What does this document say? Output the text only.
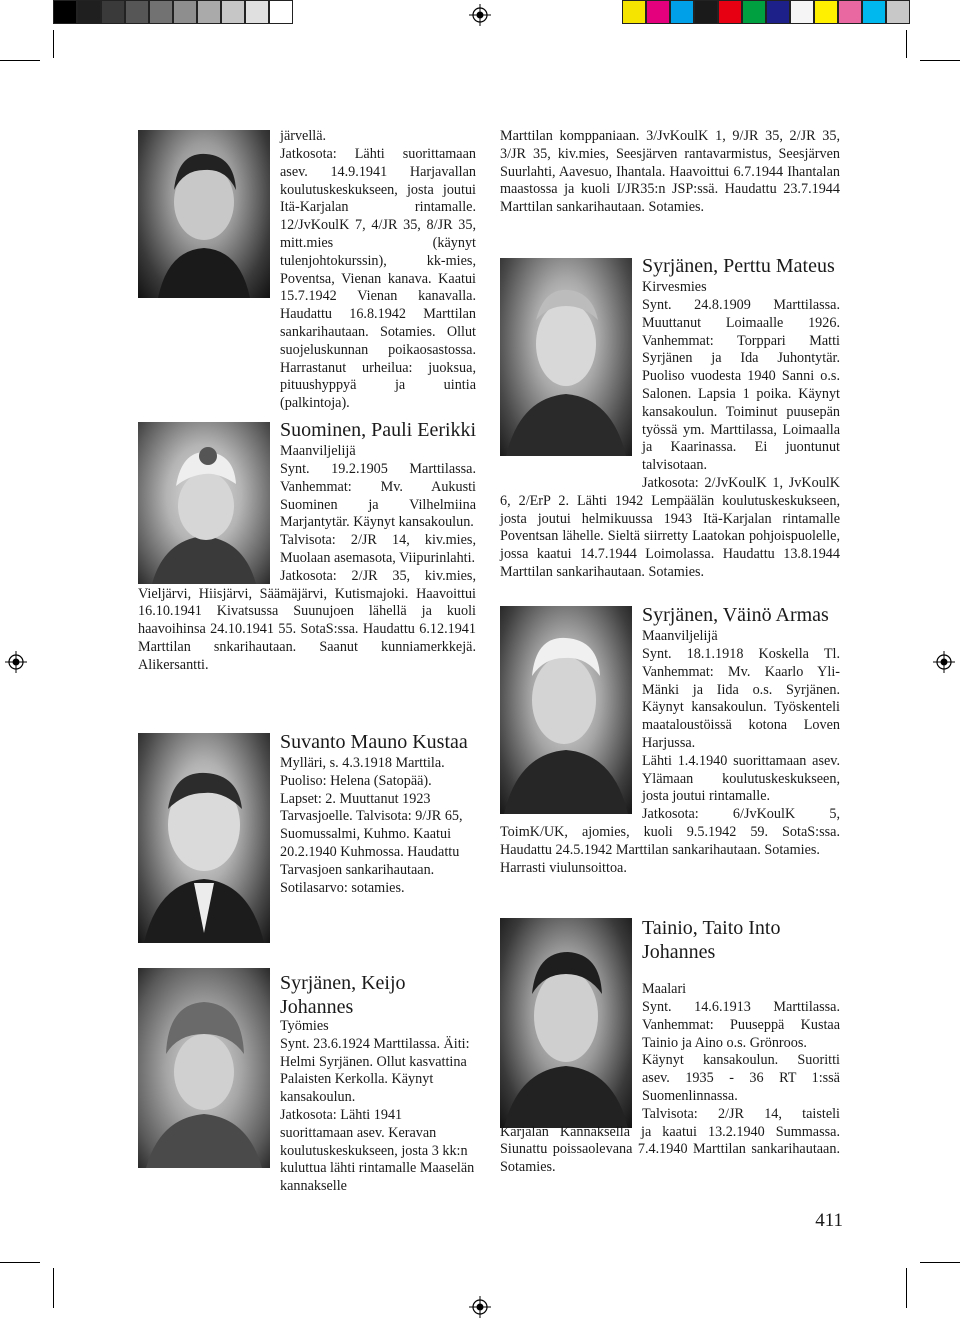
järvellä.

Jatkosota: Lähti suorittamaan asev. 14.9.1941 Harjavallan koulutuskeskukseen, josta joutui Itä-Karjalan rintamalle. 12/JvKoulK 7, 4/JR 35, 8/JR 35, mitt.mies (käynyt tulenjohtokurssin), kk-mies, Poventsa, Vienan kanava. Kaatui 15.7.1942 Vienan kanavalla. Haudattu 16.8.1942 Marttilan sankarihautaan. Sotamies. Ollut suojeluskunnan poikaosastossa. Harrastanut urheilua: juoksua, pituushyppyä ja uintia (palkintoja).

Suominen, Pauli Eerikki

Maanviljelijä

Synt. 19.2.1905 Marttilassa. Vanhemmat: Mv. Aukusti Suominen ja Vilhelmiina Marjantytär. Käynyt kansakoulun.

Talvisota: 2/JR 14, kiv.mies, Muolaan asemasota, Viipurinlahti.

Jatkosota: 2/JR 35, kiv.mies, Vieljärvi, Hiisjärvi, Säämäjärvi, Kutismajoki. Haavoittui 16.10.1941 Kivatsussa Suunujoen lähellä ja kuoli haavoihinsa 24.10.1941 55. SotaS:ssa. Haudattu 6.12.1941 Marttilan snkarihautaan. Saanut kunniamerkkejä. Alikersantti.

Suvanto Mauno Kustaa

Mylläri, s. 4.3.1918 Marttila. Puoliso: Helena (Satopää). Lapset: 2. Muuttanut 1923 Tarvasjoelle. Talvisota: 9/JR 65, Suomussalmi, Kuhmo. Kaatui 20.2.1940 Kuhmossa. Haudattu Tarvasjoen sankarihautaan. Sotilasarvo: sotamies.

Syrjänen, Keijo Johannes

Työmies

Synt. 23.6.1924 Marttilassa. Äiti: Helmi Syrjänen. Ollut kasvattina Palaisten Kerkolla. Käynyt kansakoulun.

Jatkosota: Lähti 1941 suorittamaan asev. Keravan koulutuskeskukseen, josta 3 kk:n kuluttua lähti rintamalle Maaselän kannakselle

Marttilan komppaniaan. 3/JvKoulK 1, 9/JR 35, 2/JR 35, 3/JR 35, kiv.mies, Seesjärven rantavarmistus, Seesjärven Suurlahti, Aavesuo, Ihantala. Haavoittui 6.7.1944 Ihantalan maastossa ja kuoli I/JR35:n JSP:ssä. Haudattu 23.7.1944 Marttilan sankarihautaan. Sotamies.

Syrjänen, Perttu Mateus

Kirvesmies

Synt. 24.8.1909 Marttilassa. Muuttanut Loimaalle 1926. Vanhemmat: Torppari Matti Syrjänen ja Ida Juhontytär. Puoliso vuodesta 1940 Sanni o.s. Salonen. Lapsia 1 poika. Käynyt kansakoulun. Toiminut puusepän työssä ym. Marttilassa, Loimaalla ja Kaarinassa. Ei juontunut talvisotaan.

Jatkosota: 2/JvKoulK 1, JvKoulK 6, 2/ErP 2. Lähti 1942 Lempäälän koulutuskeskukseen, josta joutui helmikuussa 1943 Itä-Karjalan rintamalle Poventsan lähelle. Sieltä siirretty Laatokan pohjoispuolelle, jossa kaatui 14.7.1944 Loimolassa. Haudattu 13.8.1944 Marttilan sankarihautaan. Sotamies.

Syrjänen, Väinö Armas

Maanviljelijä

Synt. 18.1.1918 Koskella Tl. Vanhemmat: Mv. Kaarlo Yli-Mänki ja Iida o.s. Syrjänen. Käynyt kansakoulun. Työskenteli maataloustöissä kotona Loven Harjussa.

Lähti 1.4.1940 suorittamaan asev. Ylämaan koulutuskeskukseen, josta joutui rintamalle.

Jatkosota: 6/JvKoulK 5, ToimK/UK, ajomies, kuoli 9.5.1942 59. SotaS:ssa. Haudattu 24.5.1942 Marttilan sankarihautaan. Sotamies.

Harrasti viulunsoittoa.

Tainio, Taito Into Johannes

Maalari

Synt. 14.6.1913 Marttilassa. Vanhemmat: Puuseppä Kustaa Tainio ja Aino o.s. Grönroos.

Käynyt kansakoulun. Suoritti asev. 1935 - 36 RT 1:ssä Suomenlinnassa.

Talvisota: 2/JR 14, taisteli Karjalan Kannaksella ja kaatui 13.2.1940 Summassa. Siunattu poissaolevana 7.4.1940 Marttilan sankarihautaan. Sotamies.

411
